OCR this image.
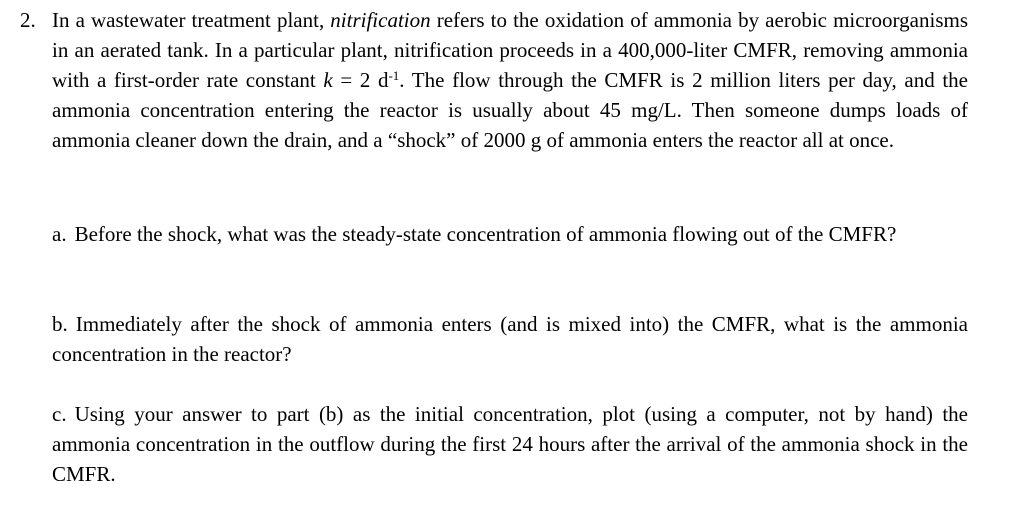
2. In a wastewater treatment plant, nitrification refers to the oxidation of ammonia by aerobic microorganisms in an aerated tank. In a particular plant, nitrification proceeds in a 400,000-liter CMFR, removing ammonia with a first-order rate constant k = 2 $d^{-1}$. The flow through the CMFR is 2 million liters per day, and the ammonia concentration entering the reactor is usually about 45 mg/L. Then someone dumps loads of ammonia cleaner down the drain, and a “shock” of 2000 g of ammonia enters the reactor all at once.

a. Before the shock, what was the steady-state concentration of ammonia flowing out of the CMFR?

b. Immediately after the shock of ammonia enters (and is mixed into) the CMFR, what is the ammonia concentration in the reactor?

c. Using your answer to part (b) as the initial concentration, plot (using a computer, not by hand) the ammonia concentration in the outflow during the first 24 hours after the arrival of the ammonia shock in the CMFR.
